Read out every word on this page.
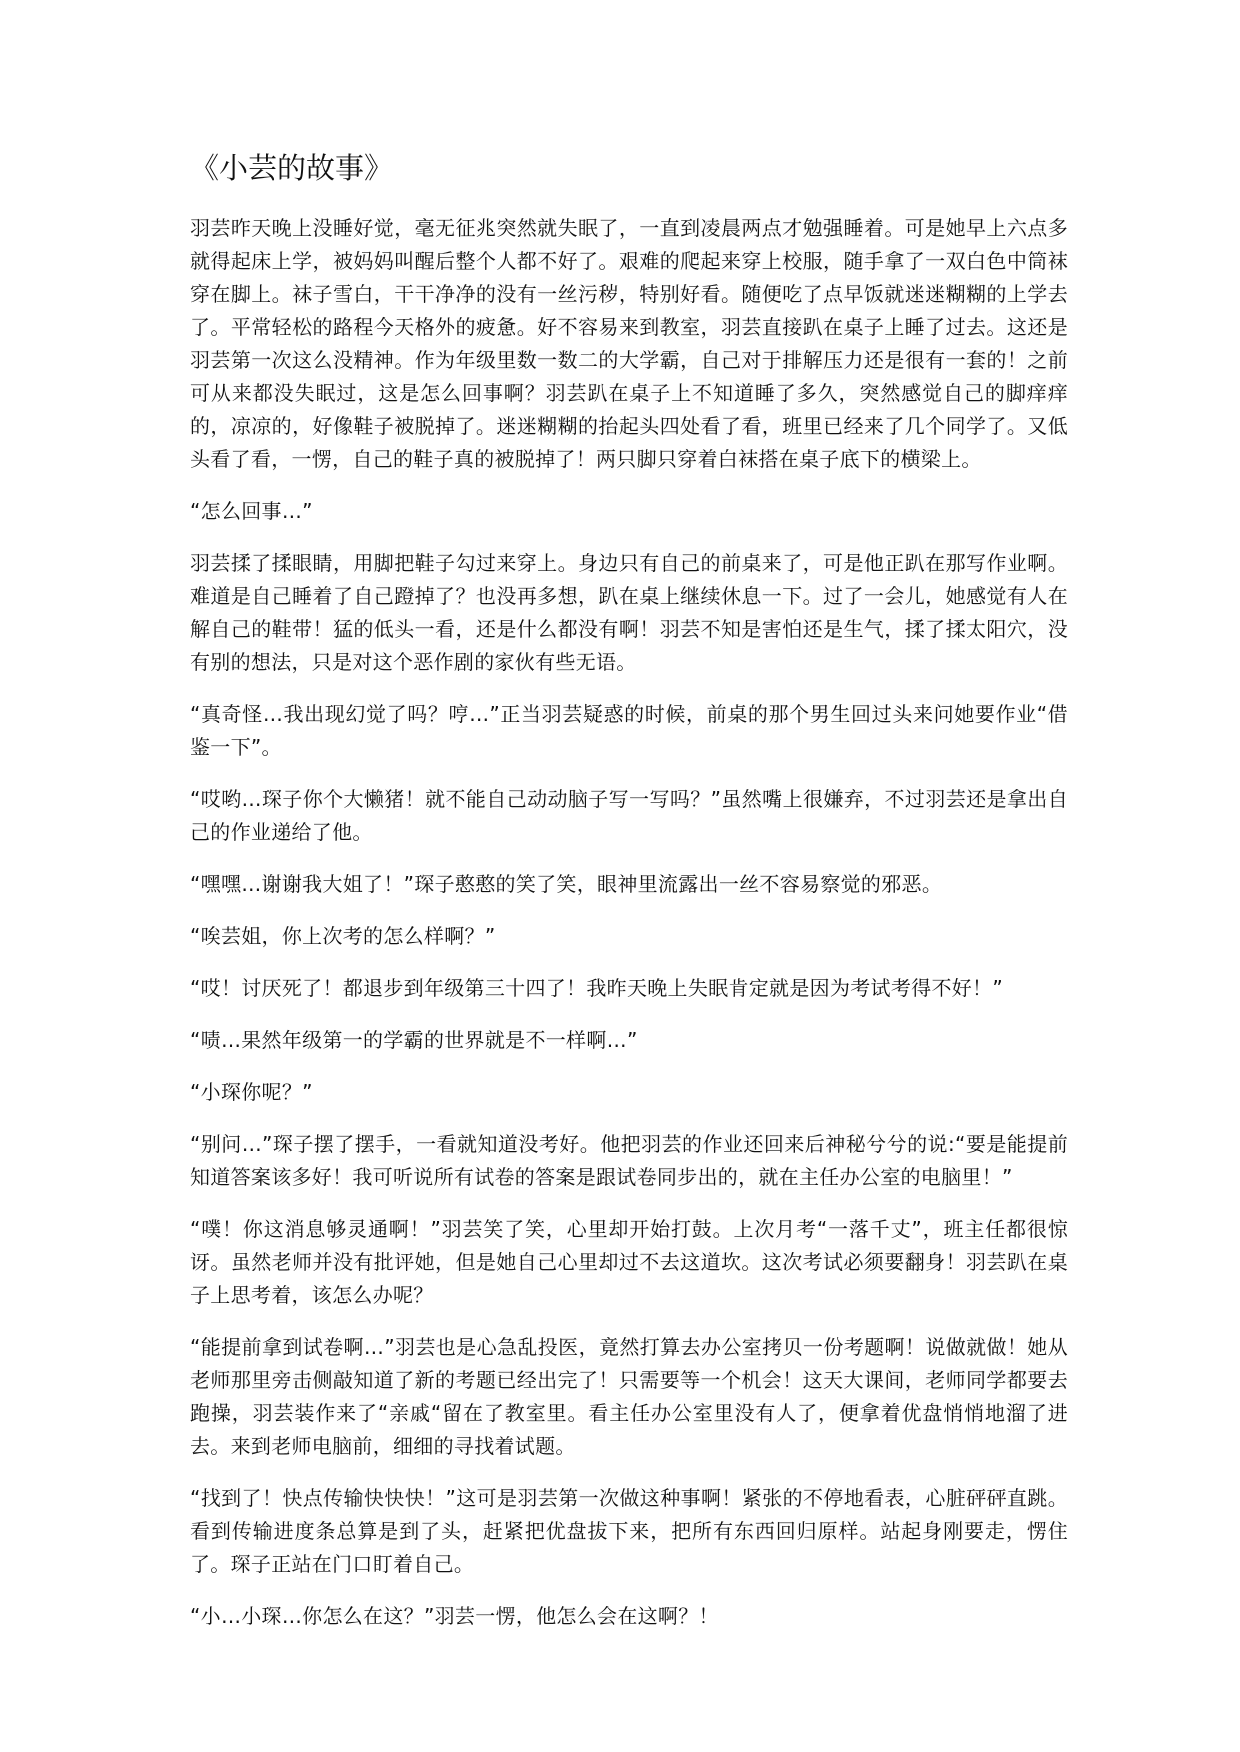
《小芸的故事》

羽芸昨天晚上没睡好觉，毫无征兆突然就失眠了，一直到凌晨两点才勉强睡着。可是她早上六点多就得起床上学，被妈妈叫醒后整个人都不好了。艰难的爬起来穿上校服，随手拿了一双白色中筒袜穿在脚上。袜子雪白，干干净净的没有一丝污秽，特别好看。随便吃了点早饭就迷迷糊糊的上学去了。平常轻松的路程今天格外的疲惫。好不容易来到教室，羽芸直接趴在桌子上睡了过去。这还是羽芸第一次这么没精神。作为年级里数一数二的大学霸，自己对于排解压力还是很有一套的！之前可从来都没失眠过，这是怎么回事啊？羽芸趴在桌子上不知道睡了多久，突然感觉自己的脚痒痒的，凉凉的，好像鞋子被脱掉了。迷迷糊糊的抬起头四处看了看，班里已经来了几个同学了。又低头看了看，一愣，自己的鞋子真的被脱掉了！两只脚只穿着白袜搭在桌子底下的横梁上。

“怎么回事…”

羽芸揉了揉眼睛，用脚把鞋子勾过来穿上。身边只有自己的前桌来了，可是他正趴在那写作业啊。难道是自己睡着了自己蹬掉了？也没再多想，趴在桌上继续休息一下。过了一会儿，她感觉有人在解自己的鞋带！猛的低头一看，还是什么都没有啊！羽芸不知是害怕还是生气，揉了揉太阳穴，没有别的想法，只是对这个恶作剧的家伙有些无语。

“真奇怪…我出现幻觉了吗？哼…”正当羽芸疑惑的时候，前桌的那个男生回过头来问她要作业“借鉴一下”。

“哎哟…琛子你个大懒猪！就不能自己动动脑子写一写吗？”虽然嘴上很嫌弃，不过羽芸还是拿出自己的作业递给了他。

“嘿嘿…谢谢我大姐了！”琛子憨憨的笑了笑，眼神里流露出一丝不容易察觉的邪恶。

“唉芸姐，你上次考的怎么样啊？”

“哎！讨厌死了！都退步到年级第三十四了！我昨天晚上失眠肯定就是因为考试考得不好！”

“啧…果然年级第一的学霸的世界就是不一样啊…”

“小琛你呢？”

“别问…”琛子摆了摆手，一看就知道没考好。他把羽芸的作业还回来后神秘兮兮的说:“要是能提前知道答案该多好！我可听说所有试卷的答案是跟试卷同步出的，就在主任办公室的电脑里！”

“噗！你这消息够灵通啊！”羽芸笑了笑，心里却开始打鼓。上次月考“一落千丈”，班主任都很惊讶。虽然老师并没有批评她，但是她自己心里却过不去这道坎。这次考试必须要翻身！羽芸趴在桌子上思考着，该怎么办呢？

“能提前拿到试卷啊…”羽芸也是心急乱投医，竟然打算去办公室拷贝一份考题啊！说做就做！她从老师那里旁击侧敲知道了新的考题已经出完了！只需要等一个机会！这天大课间，老师同学都要去跑操，羽芸装作来了“亲戚“留在了教室里。看主任办公室里没有人了，便拿着优盘悄悄地溜了进去。来到老师电脑前，细细的寻找着试题。

“找到了！快点传输快快快！”这可是羽芸第一次做这种事啊！紧张的不停地看表，心脏砰砰直跳。看到传输进度条总算是到了头，赶紧把优盘拔下来，把所有东西回归原样。站起身刚要走，愣住了。琛子正站在门口盯着自己。

“小…小琛…你怎么在这？”羽芸一愣，他怎么会在这啊？！
